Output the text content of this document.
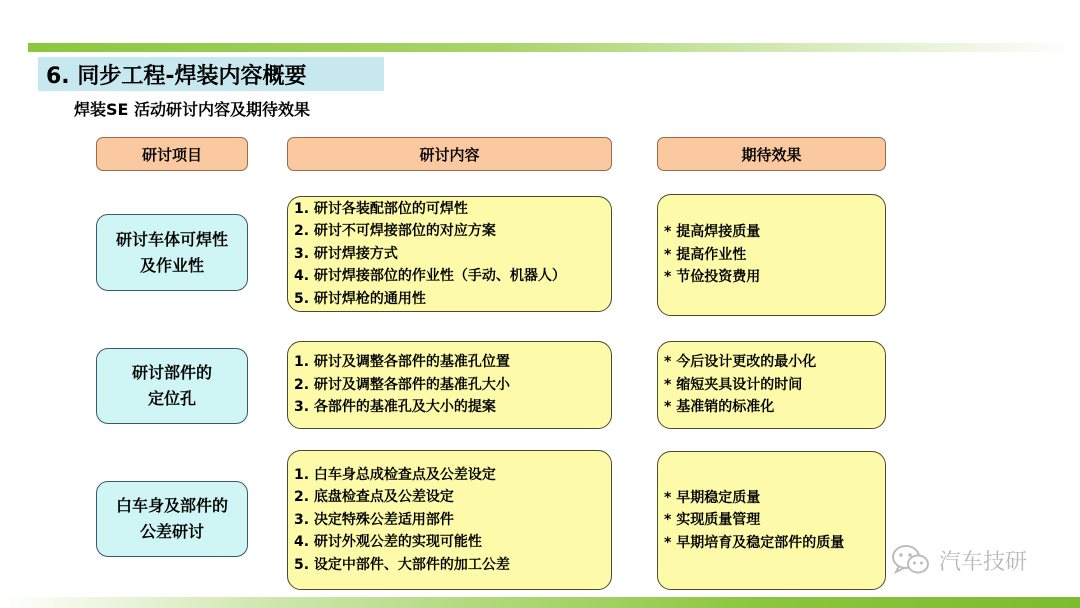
6. 同步工程-焊装内容概要
焊装SE 活动研讨内容及期待效果
研讨项目	研讨内容	期待效果
研讨车体可焊性
及作业性
1. 研讨各装配部位的可焊性
2. 研讨不可焊接部位的对应方案
3. 研讨焊接方式
4. 研讨焊接部位的作业性（手动、机器人）
5. 研讨焊枪的通用性
* 提高焊接质量
* 提高作业性
* 节俭投资费用
研讨部件的
定位孔
1. 研讨及调整各部件的基准孔位置
2. 研讨及调整各部件的基准孔大小
3. 各部件的基准孔及大小的提案
* 今后设计更改的最小化
* 缩短夹具设计的时间
* 基准销的标准化
白车身及部件的
公差研讨
1. 白车身总成检查点及公差设定
2. 底盘检查点及公差设定
3. 决定特殊公差适用部件
4. 研讨外观公差的实现可能性
5. 设定中部件、大部件的加工公差
* 早期稳定质量
* 实现质量管理
* 早期培育及稳定部件的质量
汽车技研
